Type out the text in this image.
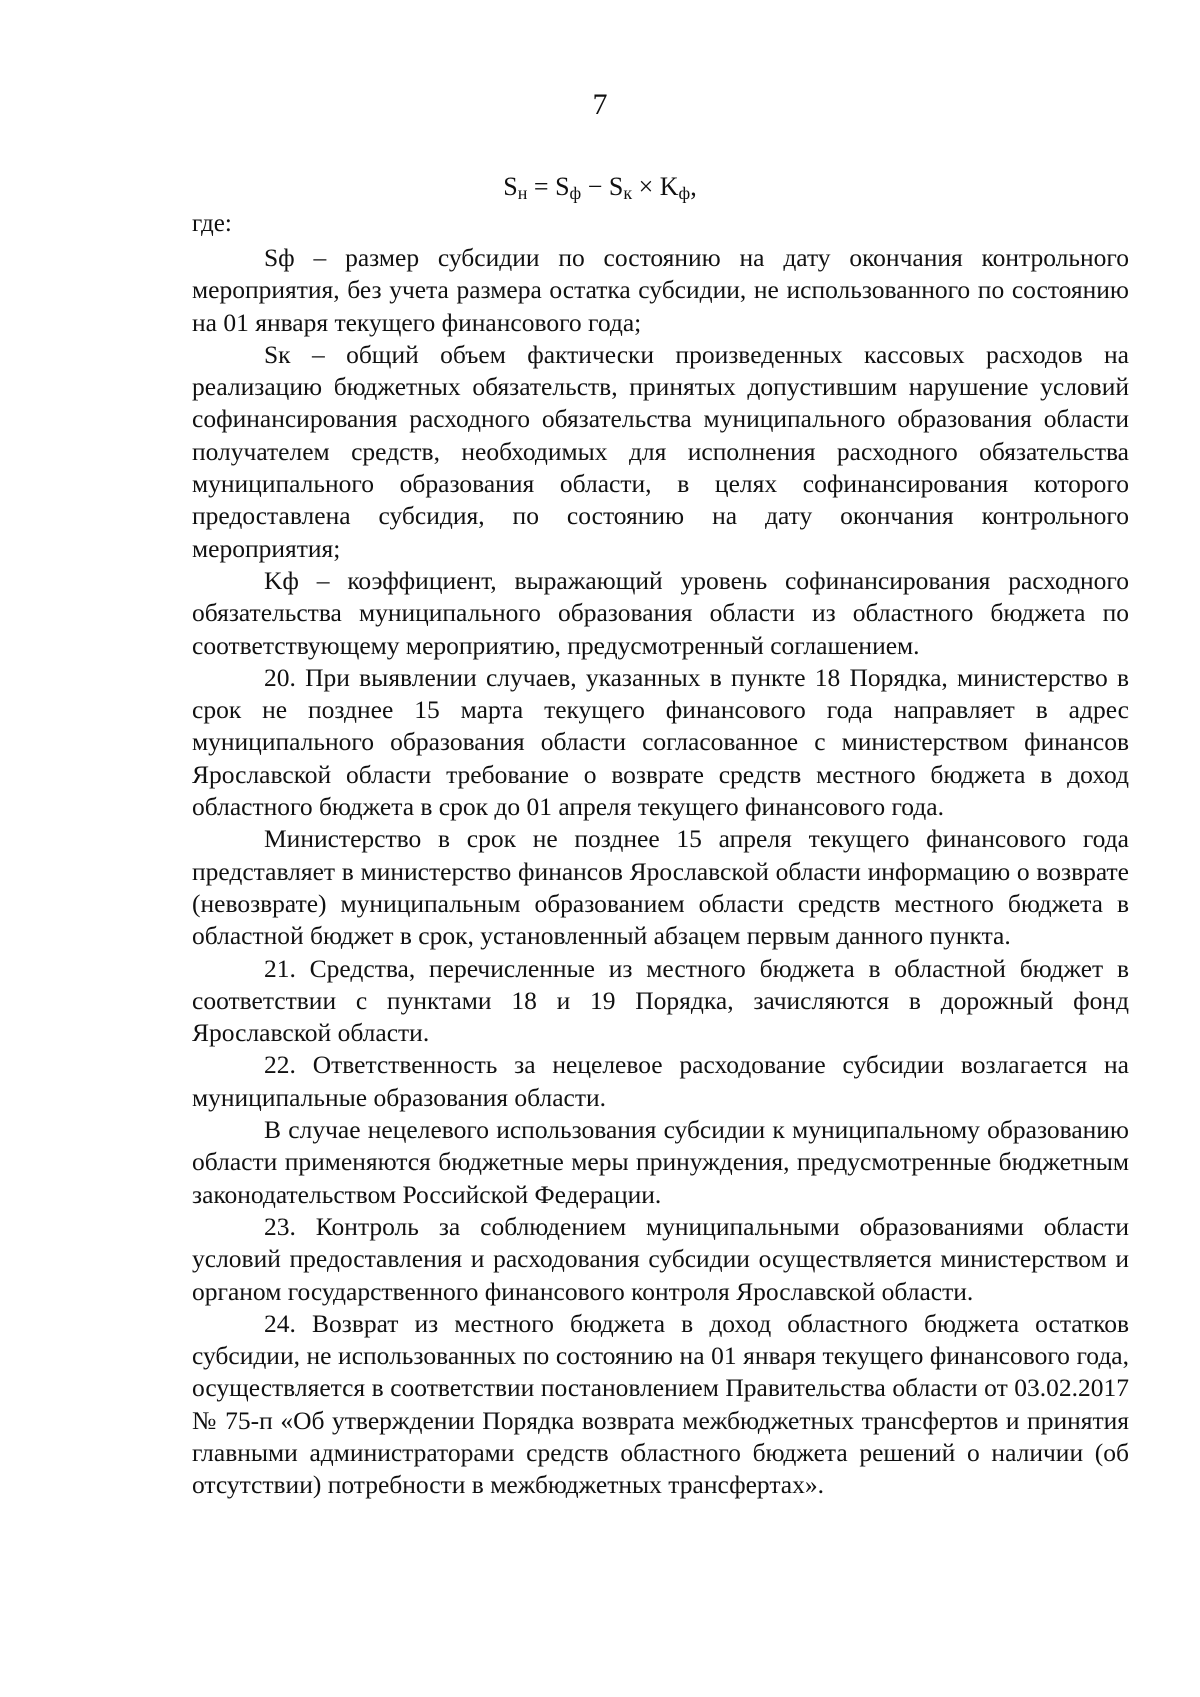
7
$S_н = S_ф - S_к \times K_ф$,
где:

Sф – размер субсидии по состоянию на дату окончания контрольного мероприятия, без учета размера остатка субсидии, не использованного по состоянию на 01 января текущего финансового года;

Sк – общий объем фактически произведенных кассовых расходов на реализацию бюджетных обязательств, принятых допустившим нарушение условий софинансирования расходного обязательства муниципального образования области получателем средств, необходимых для исполнения расходного обязательства муниципального образования области, в целях софинансирования которого предоставлена субсидия, по состоянию на дату окончания контрольного мероприятия;

Kф – коэффициент, выражающий уровень софинансирования расходного обязательства муниципального образования области из областного бюджета по соответствующему мероприятию, предусмотренный соглашением.

20. При выявлении случаев, указанных в пункте 18 Порядка, министерство в срок не позднее 15 марта текущего финансового года направляет в адрес муниципального образования области согласованное с министерством финансов Ярославской области требование о возврате средств местного бюджета в доход областного бюджета в срок до 01 апреля текущего финансового года.

Министерство в срок не позднее 15 апреля текущего финансового года представляет в министерство финансов Ярославской области информацию о возврате (невозврате) муниципальным образованием области средств местного бюджета в областной бюджет в срок, установленный абзацем первым данного пункта.

21. Средства, перечисленные из местного бюджета в областной бюджет в соответствии с пунктами 18 и 19 Порядка, зачисляются в дорожный фонд Ярославской области.

22. Ответственность за нецелевое расходование субсидии возлагается на муниципальные образования области.

В случае нецелевого использования субсидии к муниципальному образованию области применяются бюджетные меры принуждения, предусмотренные бюджетным законодательством Российской Федерации.

23. Контроль за соблюдением муниципальными образованиями области условий предоставления и расходования субсидии осуществляется министерством и органом государственного финансового контроля Ярославской области.

24. Возврат из местного бюджета в доход областного бюджета остатков субсидии, не использованных по состоянию на 01 января текущего финансового года, осуществляется в соответствии постановлением Правительства области от 03.02.2017 № 75-п «Об утверждении Порядка возврата межбюджетных трансфертов и принятия главными администраторами средств областного бюджета решений о наличии (об отсутствии) потребности в межбюджетных трансфертах».
